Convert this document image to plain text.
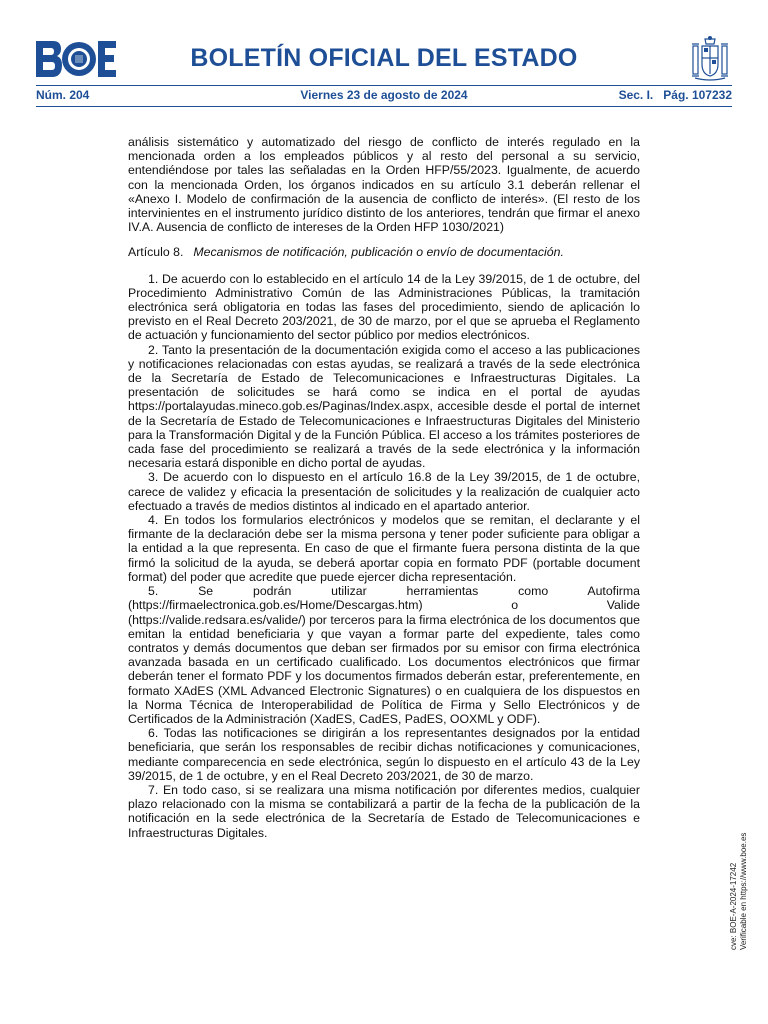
BOLETÍN OFICIAL DEL ESTADO
Núm. 204	Viernes 23 de agosto de 2024	Sec. I.   Pág. 107232

análisis sistemático y automatizado del riesgo de conflicto de interés regulado en la mencionada orden a los empleados públicos y al resto del personal a su servicio, entendiéndose por tales las señaladas en la Orden HFP/55/2023. Igualmente, de acuerdo con la mencionada Orden, los órganos indicados en su artículo 3.1 deberán rellenar el «Anexo I. Modelo de confirmación de la ausencia de conflicto de interés». (El resto de los intervinientes en el instrumento jurídico distinto de los anteriores, tendrán que firmar el anexo IV.A. Ausencia de conflicto de intereses de la Orden HFP 1030/2021)

Artículo 8. Mecanismos de notificación, publicación o envío de documentación.

1. De acuerdo con lo establecido en el artículo 14 de la Ley 39/2015, de 1 de octubre, del Procedimiento Administrativo Común de las Administraciones Públicas, la tramitación electrónica será obligatoria en todas las fases del procedimiento, siendo de aplicación lo previsto en el Real Decreto 203/2021, de 30 de marzo, por el que se aprueba el Reglamento de actuación y funcionamiento del sector público por medios electrónicos.

2. Tanto la presentación de la documentación exigida como el acceso a las publicaciones y notificaciones relacionadas con estas ayudas, se realizará a través de la sede electrónica de la Secretaría de Estado de Telecomunicaciones e Infraestructuras Digitales. La presentación de solicitudes se hará como se indica en el portal de ayudas https://portalayudas.mineco.gob.es/Paginas/Index.aspx, accesible desde el portal de internet de la Secretaría de Estado de Telecomunicaciones e Infraestructuras Digitales del Ministerio para la Transformación Digital y de la Función Pública. El acceso a los trámites posteriores de cada fase del procedimiento se realizará a través de la sede electrónica y la información necesaria estará disponible en dicho portal de ayudas.

3. De acuerdo con lo dispuesto en el artículo 16.8 de la Ley 39/2015, de 1 de octubre, carece de validez y eficacia la presentación de solicitudes y la realización de cualquier acto efectuado a través de medios distintos al indicado en el apartado anterior.

4. En todos los formularios electrónicos y modelos que se remitan, el declarante y el firmante de la declaración debe ser la misma persona y tener poder suficiente para obligar a la entidad a la que representa. En caso de que el firmante fuera persona distinta de la que firmó la solicitud de la ayuda, se deberá aportar copia en formato PDF (portable document format) del poder que acredite que puede ejercer dicha representación.

5. Se podrán utilizar herramientas como Autofirma (https://firmaelectronica.gob.es/Home/Descargas.htm) o Valide (https://valide.redsara.es/valide/) por terceros para la firma electrónica de los documentos que emitan la entidad beneficiaria y que vayan a formar parte del expediente, tales como contratos y demás documentos que deban ser firmados por su emisor con firma electrónica avanzada basada en un certificado cualificado. Los documentos electrónicos que firmar deberán tener el formato PDF y los documentos firmados deberán estar, preferentemente, en formato XAdES (XML Advanced Electronic Signatures) o en cualquiera de los dispuestos en la Norma Técnica de Interoperabilidad de Política de Firma y Sello Electrónicos y de Certificados de la Administración (XadES, CadES, PadES, OOXML y ODF).

6. Todas las notificaciones se dirigirán a los representantes designados por la entidad beneficiaria, que serán los responsables de recibir dichas notificaciones y comunicaciones, mediante comparecencia en sede electrónica, según lo dispuesto en el artículo 43 de la Ley 39/2015, de 1 de octubre, y en el Real Decreto 203/2021, de 30 de marzo.

7. En todo caso, si se realizara una misma notificación por diferentes medios, cualquier plazo relacionado con la misma se contabilizará a partir de la fecha de la publicación de la notificación en la sede electrónica de la Secretaría de Estado de Telecomunicaciones e Infraestructuras Digitales.

cve: BOE-A-2024-17242 Verificable en https://www.boe.es
